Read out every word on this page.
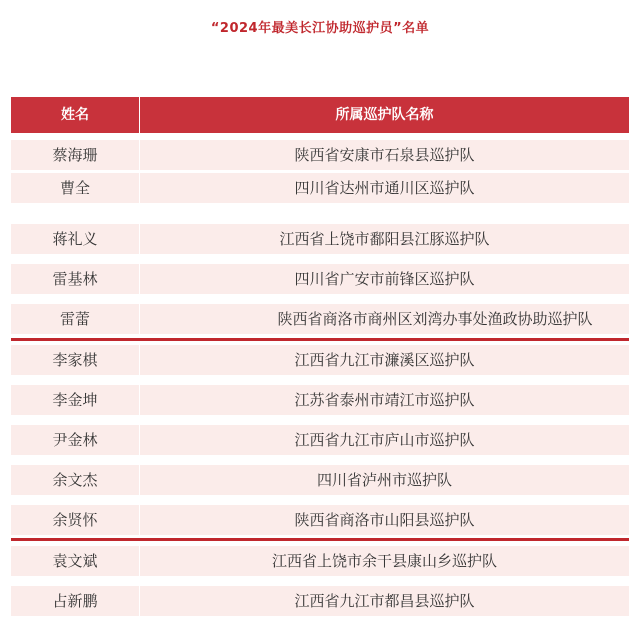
“2024年最美长江协助巡护员”名单
姓名	所属巡护队名称
蔡海珊	陕西省安康市石泉县巡护队
曹全	四川省达州市通川区巡护队
蒋礼义	江西省上饶市鄱阳县江豚巡护队
雷基林	四川省广安市前锋区巡护队
雷蕾	陕西省商洛市商州区刘湾办事处渔政协助巡护队
李家棋	江西省九江市濂溪区巡护队
李金坤	江苏省泰州市靖江市巡护队
尹金林	江西省九江市庐山市巡护队
余文杰	四川省泸州市巡护队
余贤怀	陕西省商洛市山阳县巡护队
袁文斌	江西省上饶市余干县康山乡巡护队
占新鹏	江西省九江市都昌县巡护队
